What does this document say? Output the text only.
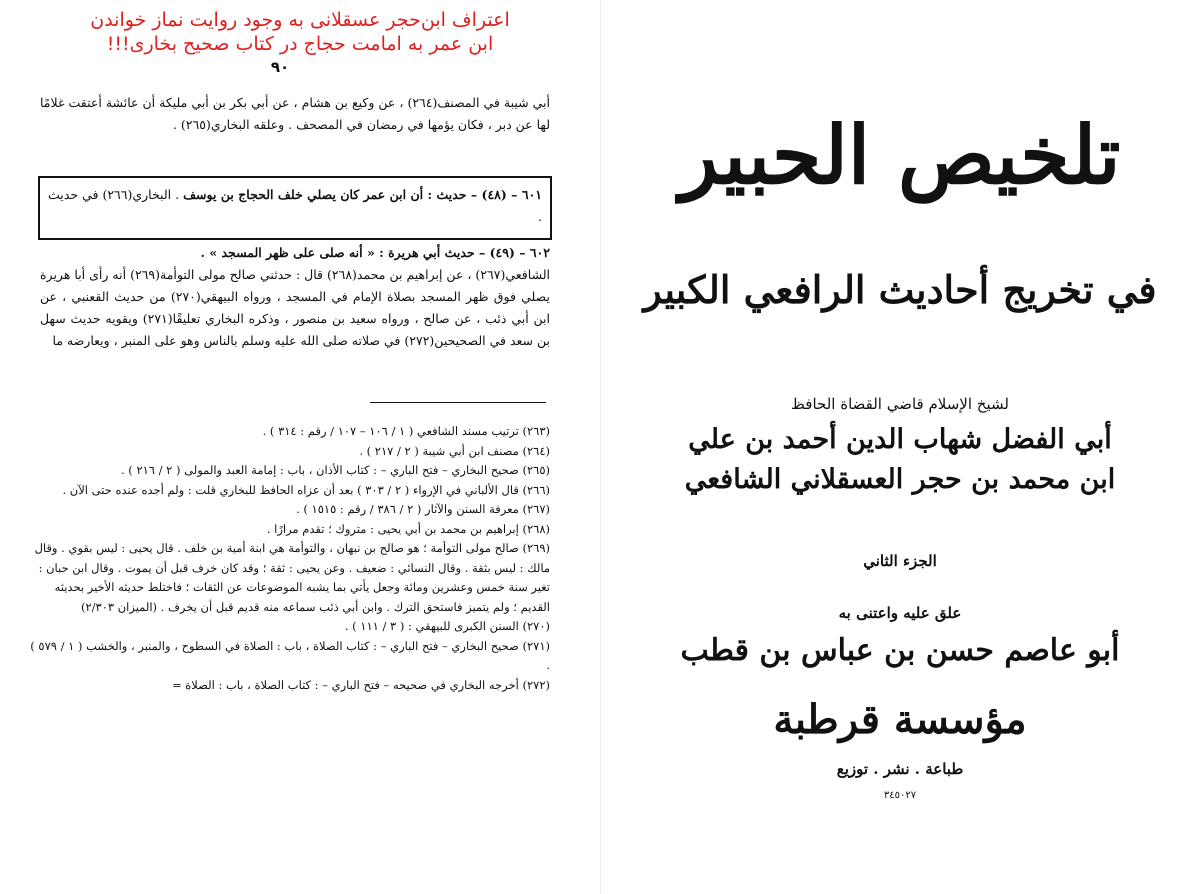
اعتراف ابن‌حجر عسقلانی به وجود روایت نماز خواندن
ابن عمر به امامت حجاج در کتاب صحیح بخاری!!!
٩٠
أبي شيبة في المصنف(٢٦٤) ، عن وكيع بن هشام ، عن أبي بكر بن أبي مليكة أن عائشة أعتقت غلامًا لها عن دبر ، فكان يؤمها في رمضان في المصحف . وعلقه البخاري(٢٦٥) .
٦٠١ – (٤٨) – حديث : أن ابن عمر كان يصلي خلف الحجاج بن يوسف . البخاري(٢٦٦) في حديث .
٦٠٢ – (٤٩) – حديث أبي هريرة : « أنه صلى على ظهر المسجد » .
الشافعي(٢٦٧) ، عن إبراهيم بن محمد(٢٦٨) قال : حدثني صالح مولى التوأمة(٢٦٩) أنه رأى أبا هريرة يصلي فوق ظهر المسجد بصلاة الإمام في المسجد ، ورواه البيهقي(٢٧٠) من حديث القعنبي ، عن ابن أبي ذئب ، عن صالح ، ورواه سعيد بن منصور ، وذكره البخاري تعليقًا(٢٧١) ويقويه حديث سهل بن سعد في الصحيحين(٢٧٢) في صلاته صلى الله عليه وسلم بالناس وهو على المنبر ، ويعارضه ما

(٢٦٣) ترتيب مسند الشافعي ( ١ / ١٠٦ – ١٠٧ / رقم : ٣١٤ ) .

(٢٦٤) مصنف ابن أبي شيبة ( ٢ / ٢١٧ ) .

(٢٦٥) صحيح البخاري – فتح الباري – : كتاب الأذان ، باب : إمامة العبد والمولى ( ٢ / ٢١٦ ) .

(٢٦٦) قال الألباني في الإرواء ( ٢ / ٣٠٣ ) بعد أن عزاه الحافظ للبخاري قلت : ولم أجده عنده حتى الآن .

(٢٦٧) معرفة السنن والآثار ( ٢ / ٣٨٦ / رقم : ١٥١٥ ) .

(٢٦٨) إبراهيم بن محمد بن أبي يحيى : متروك ؛ تقدم مرارًا .

(٢٦٩) صالح مولى التوأمة ؛ هو صالح بن نبهان ، والتوأمة هي ابنة أمية بن خلف . قال يحيى : ليس بقوي . وقال مالك : ليس بثقة . وقال النسائي : ضعيف . وعن يحيى : ثقة ؛ وقد كان خرف قبل أن يموت . وقال ابن حبان : تغير سنة خمس وعشرين ومائة وجعل يأتي بما يشبه الموضوعات عن الثقات ؛ فاختلط حديثه الأخير بحديثه القديم ؛ ولم يتميز فاستحق الترك . وابن أبي ذئب سماعه منه قديم قبل أن يخرف . (الميزان ٢/٣٠٣)

(٢٧٠) السنن الكبرى للبيهقي : ( ٣ / ١١١ ) .

(٢٧١) صحيح البخاري – فتح الباري – : كتاب الصلاة ، باب : الصلاة في السطوح ، والمنبر ، والخشب ( ١ / ٥٧٩ ) .

(٢٧٢) أخرجه البخاري في صحيحه – فتح الباري – : كتاب الصلاة ، باب : الصلاة =

تلخيص الحبير
في تخريج أحاديث الرافعي الكبير
لشيخ الإسلام قاضي القضاة الحافظ
أبي الفضل شهاب الدين أحمد بن علي
ابن محمد بن حجر العسقلاني الشافعي
الجزء الثاني
علق عليه واعتنى به
أبو عاصم حسن بن عباس بن قطب
مؤسسة قرطبة
طباعة . نشر . توزيع
٣٤٥٠٢٧
